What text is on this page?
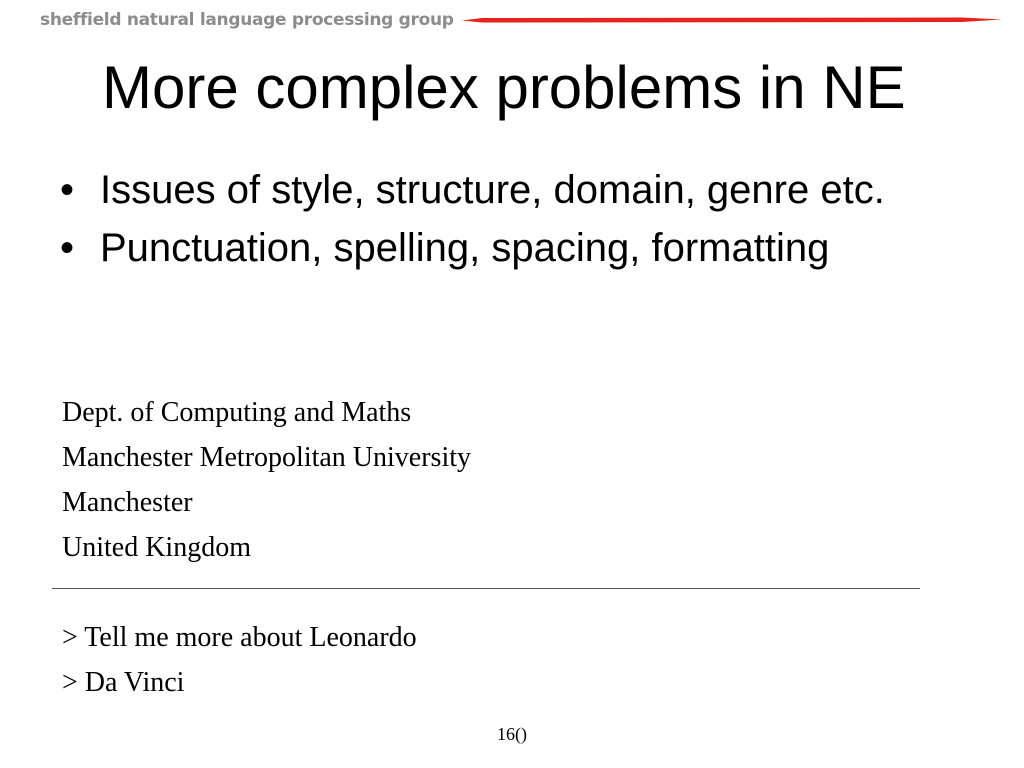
sheffield natural language processing group
More complex problems in NE
• Issues of style, structure, domain, genre etc.
• Punctuation, spelling, spacing, formatting
Dept. of Computing and Maths
Manchester Metropolitan University
Manchester
United Kingdom
> Tell me more about Leonardo
> Da Vinci
16()
